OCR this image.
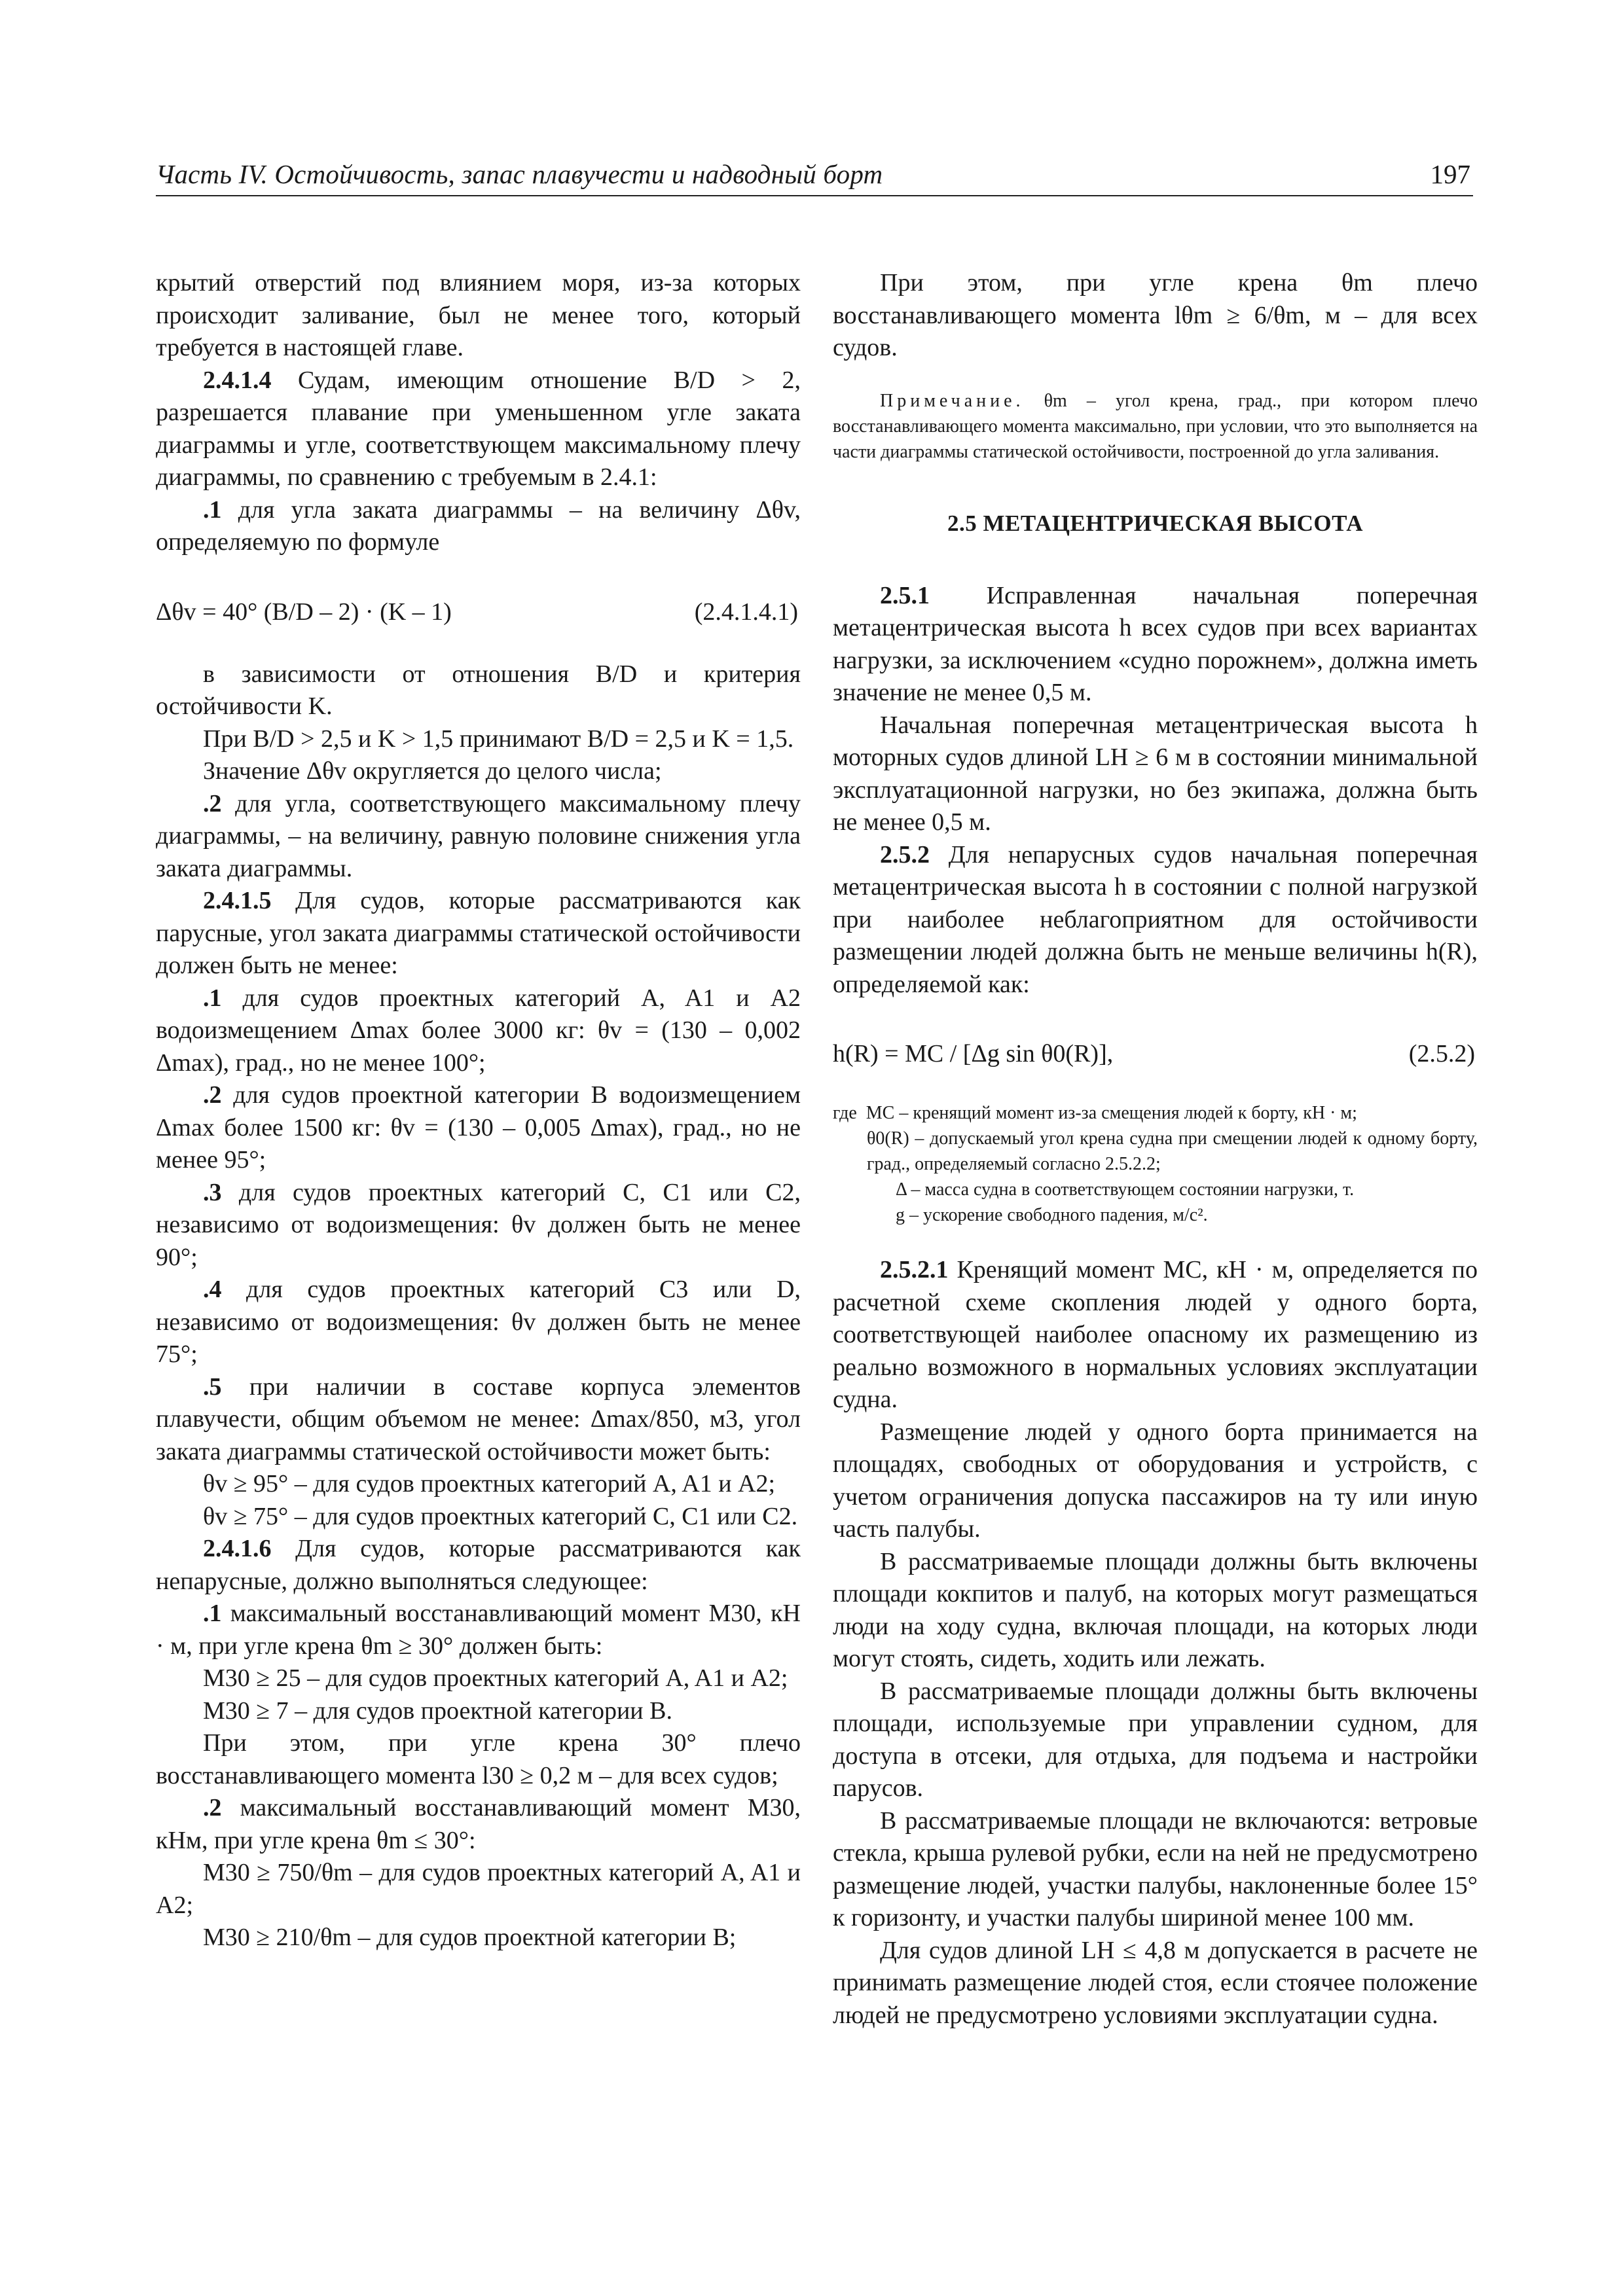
Часть IV. Остойчивость, запас плавучести и надводный борт	197

крытий отверстий под влиянием моря, из-за которых происходит заливание, был не менее того, который требуется в настоящей главе.

2.4.1.4 Судам, имеющим отношение B/D > 2, разрешается плавание при уменьшенном угле заката диаграммы и угле, соответствующем максимальному плечу диаграммы, по сравнению с требуемым в 2.4.1:

.1 для угла заката диаграммы – на величину Δθv, определяемую по формуле

Δθv = 40° (B/D – 2) · (K – 1)	(2.4.1.4.1)

в зависимости от отношения B/D и критерия остойчивости K.

При B/D > 2,5 и K > 1,5 принимают B/D = 2,5 и K = 1,5.

Значение Δθv округляется до целого числа;

.2 для угла, соответствующего максимальному плечу диаграммы, – на величину, равную половине снижения угла заката диаграммы.

2.4.1.5 Для судов, которые рассматриваются как парусные, угол заката диаграммы статической остойчивости должен быть не менее:

.1 для судов проектных категорий A, A1 и A2 водоизмещением Δmax более 3000 кг: θv = (130 – 0,002 Δmax), град., но не менее 100°;

.2 для судов проектной категории B водоизмещением Δmax более 1500 кг: θv = (130 – 0,005 Δmax), град., но не менее 95°;

.3 для судов проектных категорий C, C1 или C2, независимо от водоизмещения: θv должен быть не менее 90°;

.4 для судов проектных категорий C3 или D, независимо от водоизмещения: θv должен быть не менее 75°;

.5 при наличии в составе корпуса элементов плавучести, общим объемом не менее: Δmax/850, м3, угол заката диаграммы статической остойчивости может быть:

θv ≥ 95° – для судов проектных категорий A, A1 и A2;

θv ≥ 75° – для судов проектных категорий C, C1 или C2.

2.4.1.6 Для судов, которые рассматриваются как непарусные, должно выполняться следующее:

.1 максимальный восстанавливающий момент M30, кН · м, при угле крена θm ≥ 30° должен быть:

M30 ≥ 25 – для судов проектных категорий A, A1 и A2;

M30 ≥ 7 – для судов проектной категории B.

При этом, при угле крена 30° плечо восстанавливающего момента l30 ≥ 0,2 м – для всех судов;

.2 максимальный восстанавливающий момент M30, кНм, при угле крена θm ≤ 30°:

M30 ≥ 750/θm – для судов проектных категорий A, A1 и A2;

M30 ≥ 210/θm – для судов проектной категории B;

При этом, при угле крена θm плечо восстанавливающего момента lθm ≥ 6/θm, м – для всех судов.

Примечание. θm – угол крена, град., при котором плечо восстанавливающего момента максимально, при условии, что это выполняется на части диаграммы статической остойчивости, построенной до угла заливания.
2.5 МЕТАЦЕНТРИЧЕСКАЯ ВЫСОТА

2.5.1 Исправленная начальная поперечная метацентрическая высота h всех судов при всех вариантах нагрузки, за исключением «судно порожнем», должна иметь значение не менее 0,5 м.

Начальная поперечная метацентрическая высота h моторных судов длиной LH ≥ 6 м в состоянии минимальной эксплуатационной нагрузки, но без экипажа, должна быть не менее 0,5 м.

2.5.2 Для непарусных судов начальная поперечная метацентрическая высота h в состоянии с полной нагрузкой при наиболее неблагоприятном для остойчивости размещении людей должна быть не меньше величины h(R), определяемой как:

h(R) = MC / [Δg sin θ0(R)],	(2.5.2)
где MC – кренящий момент из-за смещения людей к борту, кН · м;
θ0(R) – допускаемый угол крена судна при смещении людей к одному борту, град., определяемый согласно 2.5.2.2;
Δ – масса судна в соответствующем состоянии нагрузки, т.
g – ускорение свободного падения, м/с².

2.5.2.1 Кренящий момент MC, кН · м, определяется по расчетной схеме скопления людей у одного борта, соответствующей наиболее опасному их размещению из реально возможного в нормальных условиях эксплуатации судна.

Размещение людей у одного борта принимается на площадях, свободных от оборудования и устройств, с учетом ограничения допуска пассажиров на ту или иную часть палубы.

В рассматриваемые площади должны быть включены площади кокпитов и палуб, на которых могут размещаться люди на ходу судна, включая площади, на которых люди могут стоять, сидеть, ходить или лежать.

В рассматриваемые площади должны быть включены площади, используемые при управлении судном, для доступа в отсеки, для отдыха, для подъема и настройки парусов.

В рассматриваемые площади не включаются: ветровые стекла, крыша рулевой рубки, если на ней не предусмотрено размещение людей, участки палубы, наклоненные более 15° к горизонту, и участки палубы шириной менее 100 мм.

Для судов длиной LH ≤ 4,8 м допускается в расчете не принимать размещение людей стоя, если стоячее положение людей не предусмотрено условиями эксплуатации судна.
